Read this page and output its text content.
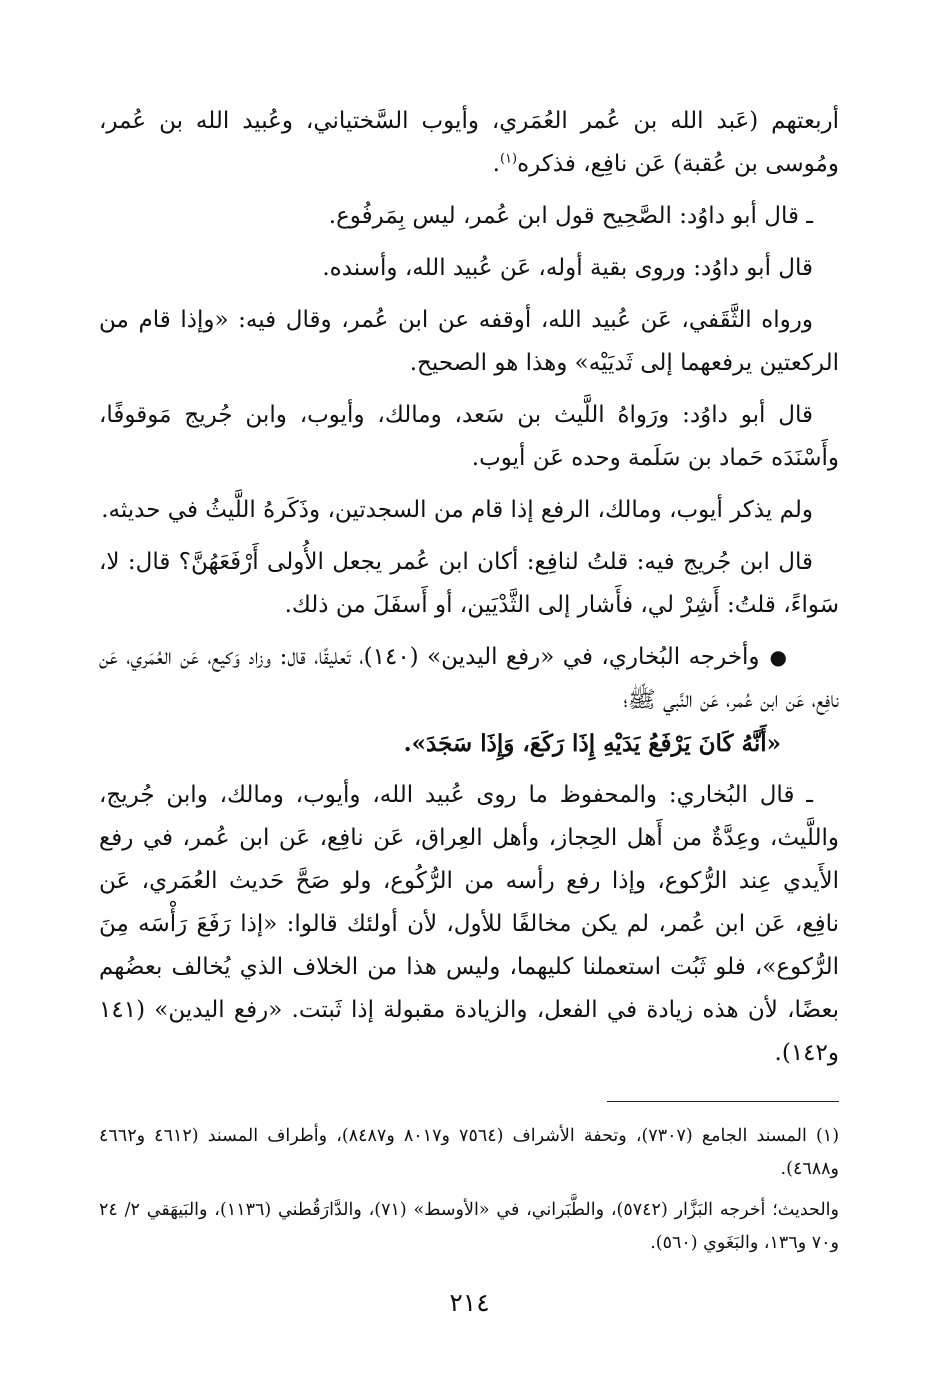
أربعتهم (عَبد الله بن عُمر العُمَري، وأيوب السَّختياني، وعُبيد الله بن عُمر، ومُوسى بن عُقبة) عَن نافِع، فذكره$^{(١)}$.

ـ قال أبو داوُد: الصَّحِيح قول ابن عُمر، ليس بِمَرفُوع.

قال أبو داوُد: وروى بقية أوله، عَن عُبيد الله، وأسنده.

ورواه الثَّقَفي، عَن عُبيد الله، أوقفه عن ابن عُمر، وقال فيه: «وإذا قام من الركعتين يرفعهما إلى ثَديَيْه» وهذا هو الصحيح.

قال أبو داوُد: ورَواهُ اللَّيث بن سَعد، ومالك، وأيوب، وابن جُريج مَوقوفًا، وأَسْنَدَه حَماد بن سَلَمة وحده عَن أيوب.

ولم يذكر أيوب، ومالك، الرفع إذا قام من السجدتين، وذَكَرهُ اللَّيثُ في حديثه.

قال ابن جُريج فيه: قلتُ لنافِع: أكان ابن عُمر يجعل الأُولى أَرْفَعَهُنَّ؟ قال: لا، سَواءً، قلتُ: أَشِرْ لي، فأَشار إلى الثَّدْيَين، أو أَسفَلَ من ذلك.

●وأخرجه البُخاري، في «رفع اليدين» (١٤٠)، تَعليقًا، قال: وزاد وَكيع، عَن العُمَري، عَن نافِع، عَن ابن عُمر، عَن النَّبي ﷺ؛

«أَنَّهُ كَانَ يَرْفَعُ يَدَيْهِ إِذَا رَكَعَ، وَإِذَا سَجَدَ».

ـ قال البُخاري: والمحفوظ ما روى عُبيد الله، وأيوب، ومالك، وابن جُريج، واللَّيث، وعِدَّةٌ من أَهل الحِجاز، وأهل العِراق، عَن نافِع، عَن ابن عُمر، في رفع الأَيدي عِند الرُّكوع، وإذا رفع رأسه من الرُّكُوع، ولو صَحَّ حَديث العُمَري، عَن نافِع، عَن ابن عُمر، لم يكن مخالفًا للأول، لأن أولئك قالوا: «إذا رَفَعَ رَأْسَه مِنَ الرُّكوع»، فلو ثَبُت استعملنا كليهما، وليس هذا من الخلاف الذي يُخالف بعضُهم بعضًا، لأن هذه زيادة في الفعل، والزيادة مقبولة إذا ثَبتت. «رفع اليدين» (١٤١ و١٤٢).

(١) المسند الجامع (٧٣٠٧)، وتحفة الأشراف (٧٥٦٤ و٨٠١٧ و٨٤٨٧)، وأطراف المسند (٤٦١٢ و٤٦٦٢ و٤٦٨٨).

والحديث؛ أخرجه البَزَّار (٥٧٤٢)، والطَّبَراني، في «الأوسط» (٧١)، والدَّارَقُطني (١١٣٦)، والبَيهَقي ٢/ ٢٤ و٧٠ و١٣٦، والبَغَوي (٥٦٠).

٢١٤
